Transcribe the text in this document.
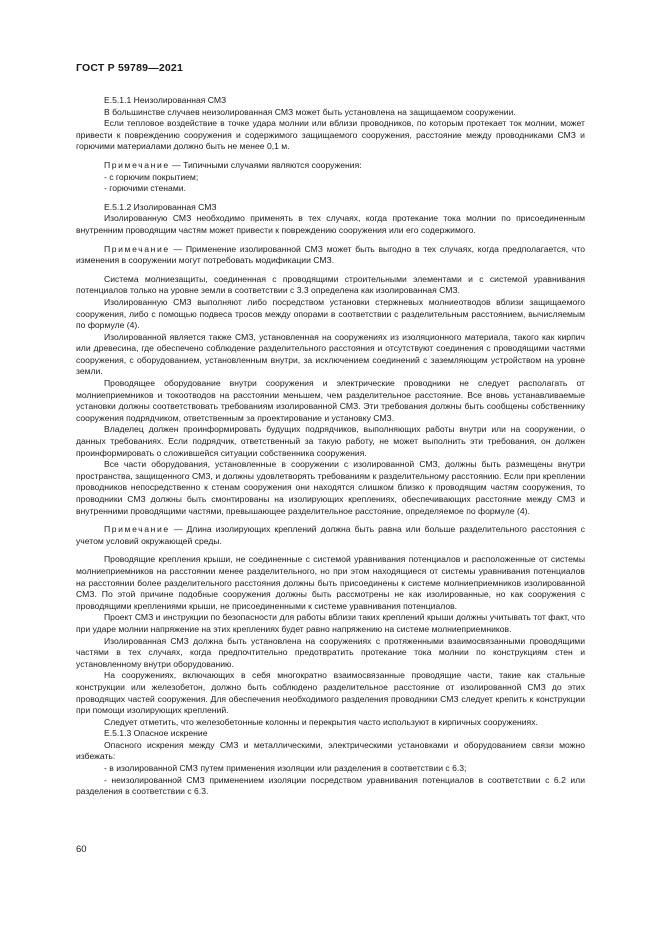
ГОСТ Р 59789—2021

Е.5.1.1 Неизолированная СМЗ

В большинстве случаев неизолированная СМЗ может быть установлена на защищаемом сооружении.

Если тепловое воздействие в точке удара молнии или вблизи проводников, по которым протекает ток молнии, может привести к повреждению сооружения и содержимого защищаемого сооружения, расстояние между проводниками СМЗ и горючими материалами должно быть не менее 0,1 м.

Примечание — Типичными случаями являются сооружения:

- с горючим покрытием;

- горючими стенами.

Е.5.1.2 Изолированная СМЗ

Изолированную СМЗ необходимо применять в тех случаях, когда протекание тока молнии по присоединенным внутренним проводящим частям может привести к повреждению сооружения или его содержимого.

Примечание — Применение изолированной СМЗ может быть выгодно в тех случаях, когда предполагается, что изменения в сооружении могут потребовать модификации СМЗ.

Система молниезащиты, соединенная с проводящими строительными элементами и с системой уравнивания потенциалов только на уровне земли в соответствии с 3.3 определена как изолированная СМЗ.

Изолированную СМЗ выполняют либо посредством установки стержневых молниеотводов вблизи защищаемого сооружения, либо с помощью подвеса тросов между опорами в соответствии с разделительным расстоянием, вычисляемым по формуле (4).

Изолированной является также СМЗ, установленная на сооружениях из изоляционного материала, такого как кирпич или древесина, где обеспечено соблюдение разделительного расстояния и отсутствуют соединения с проводящими частями сооружения, с оборудованием, установленным внутри, за исключением соединений с заземляющим устройством на уровне земли.

Проводящее оборудование внутри сооружения и электрические проводники не следует располагать от молниеприемников и токоотводов на расстоянии меньшем, чем разделительное расстояние. Все вновь устанавливаемые установки должны соответствовать требованиям изолированной СМЗ. Эти требования должны быть сообщены собственнику сооружения подрядчиком, ответственным за проектирование и установку СМЗ.

Владелец должен проинформировать будущих подрядчиков, выполняющих работы внутри или на сооружении, о данных требованиях. Если подрядчик, ответственный за такую работу, не может выполнить эти требования, он должен проинформировать о сложившейся ситуации собственника сооружения.

Все части оборудования, установленные в сооружении с изолированной СМЗ, должны быть размещены внутри пространства, защищенного СМЗ, и должны удовлетворять требованиям к разделительному расстоянию. Если при креплении проводников непосредственно к стенам сооружения они находятся слишком близко к проводящим частям сооружения, то проводники СМЗ должны быть смонтированы на изолирующих креплениях, обеспечивающих расстояние между СМЗ и внутренними проводящими частями, превышающее разделительное расстояние, определяемое по формуле (4).

Примечание — Длина изолирующих креплений должна быть равна или больше разделительного расстояния с учетом условий окружающей среды.

Проводящие крепления крыши, не соединенные с системой уравнивания потенциалов и расположенные от системы молниеприемников на расстоянии менее разделительного, но при этом находящиеся от системы уравнивания потенциалов на расстоянии более разделительного расстояния должны быть присоединены к системе молниеприемников изолированной СМЗ. По этой причине подобные сооружения должны быть рассмотрены не как изолированные, но как сооружения с проводящими креплениями крыши, не присоединенными к системе уравнивания потенциалов.

Проект СМЗ и инструкции по безопасности для работы вблизи таких креплений крыши должны учитывать тот факт, что при ударе молнии напряжение на этих креплениях будет равно напряжению на системе молниеприемников.

Изолированная СМЗ должна быть установлена на сооружениях с протяженными взаимосвязанными проводящими частями в тех случаях, когда предпочтительно предотвратить протекание тока молнии по конструкциям стен и установленному внутри оборудованию.

На сооружениях, включающих в себя многократно взаимосвязанные проводящие части, такие как стальные конструкции или железобетон, должно быть соблюдено разделительное расстояние от изолированной СМЗ до этих проводящих частей сооружения. Для обеспечения необходимого разделения проводники СМЗ следует крепить к конструкции при помощи изолирующих креплений.

Следует отметить, что железобетонные колонны и перекрытия часто используют в кирпичных сооружениях.

Е.5.1.3 Опасное искрение

Опасного искрения между СМЗ и металлическими, электрическими установками и оборудованием связи можно избежать:

- в изолированной СМЗ путем применения изоляции или разделения в соответствии с 6.3;

- неизолированной СМЗ применением изоляции посредством уравнивания потенциалов в соответствии с 6.2 или разделения в соответствии с 6.3.

60
